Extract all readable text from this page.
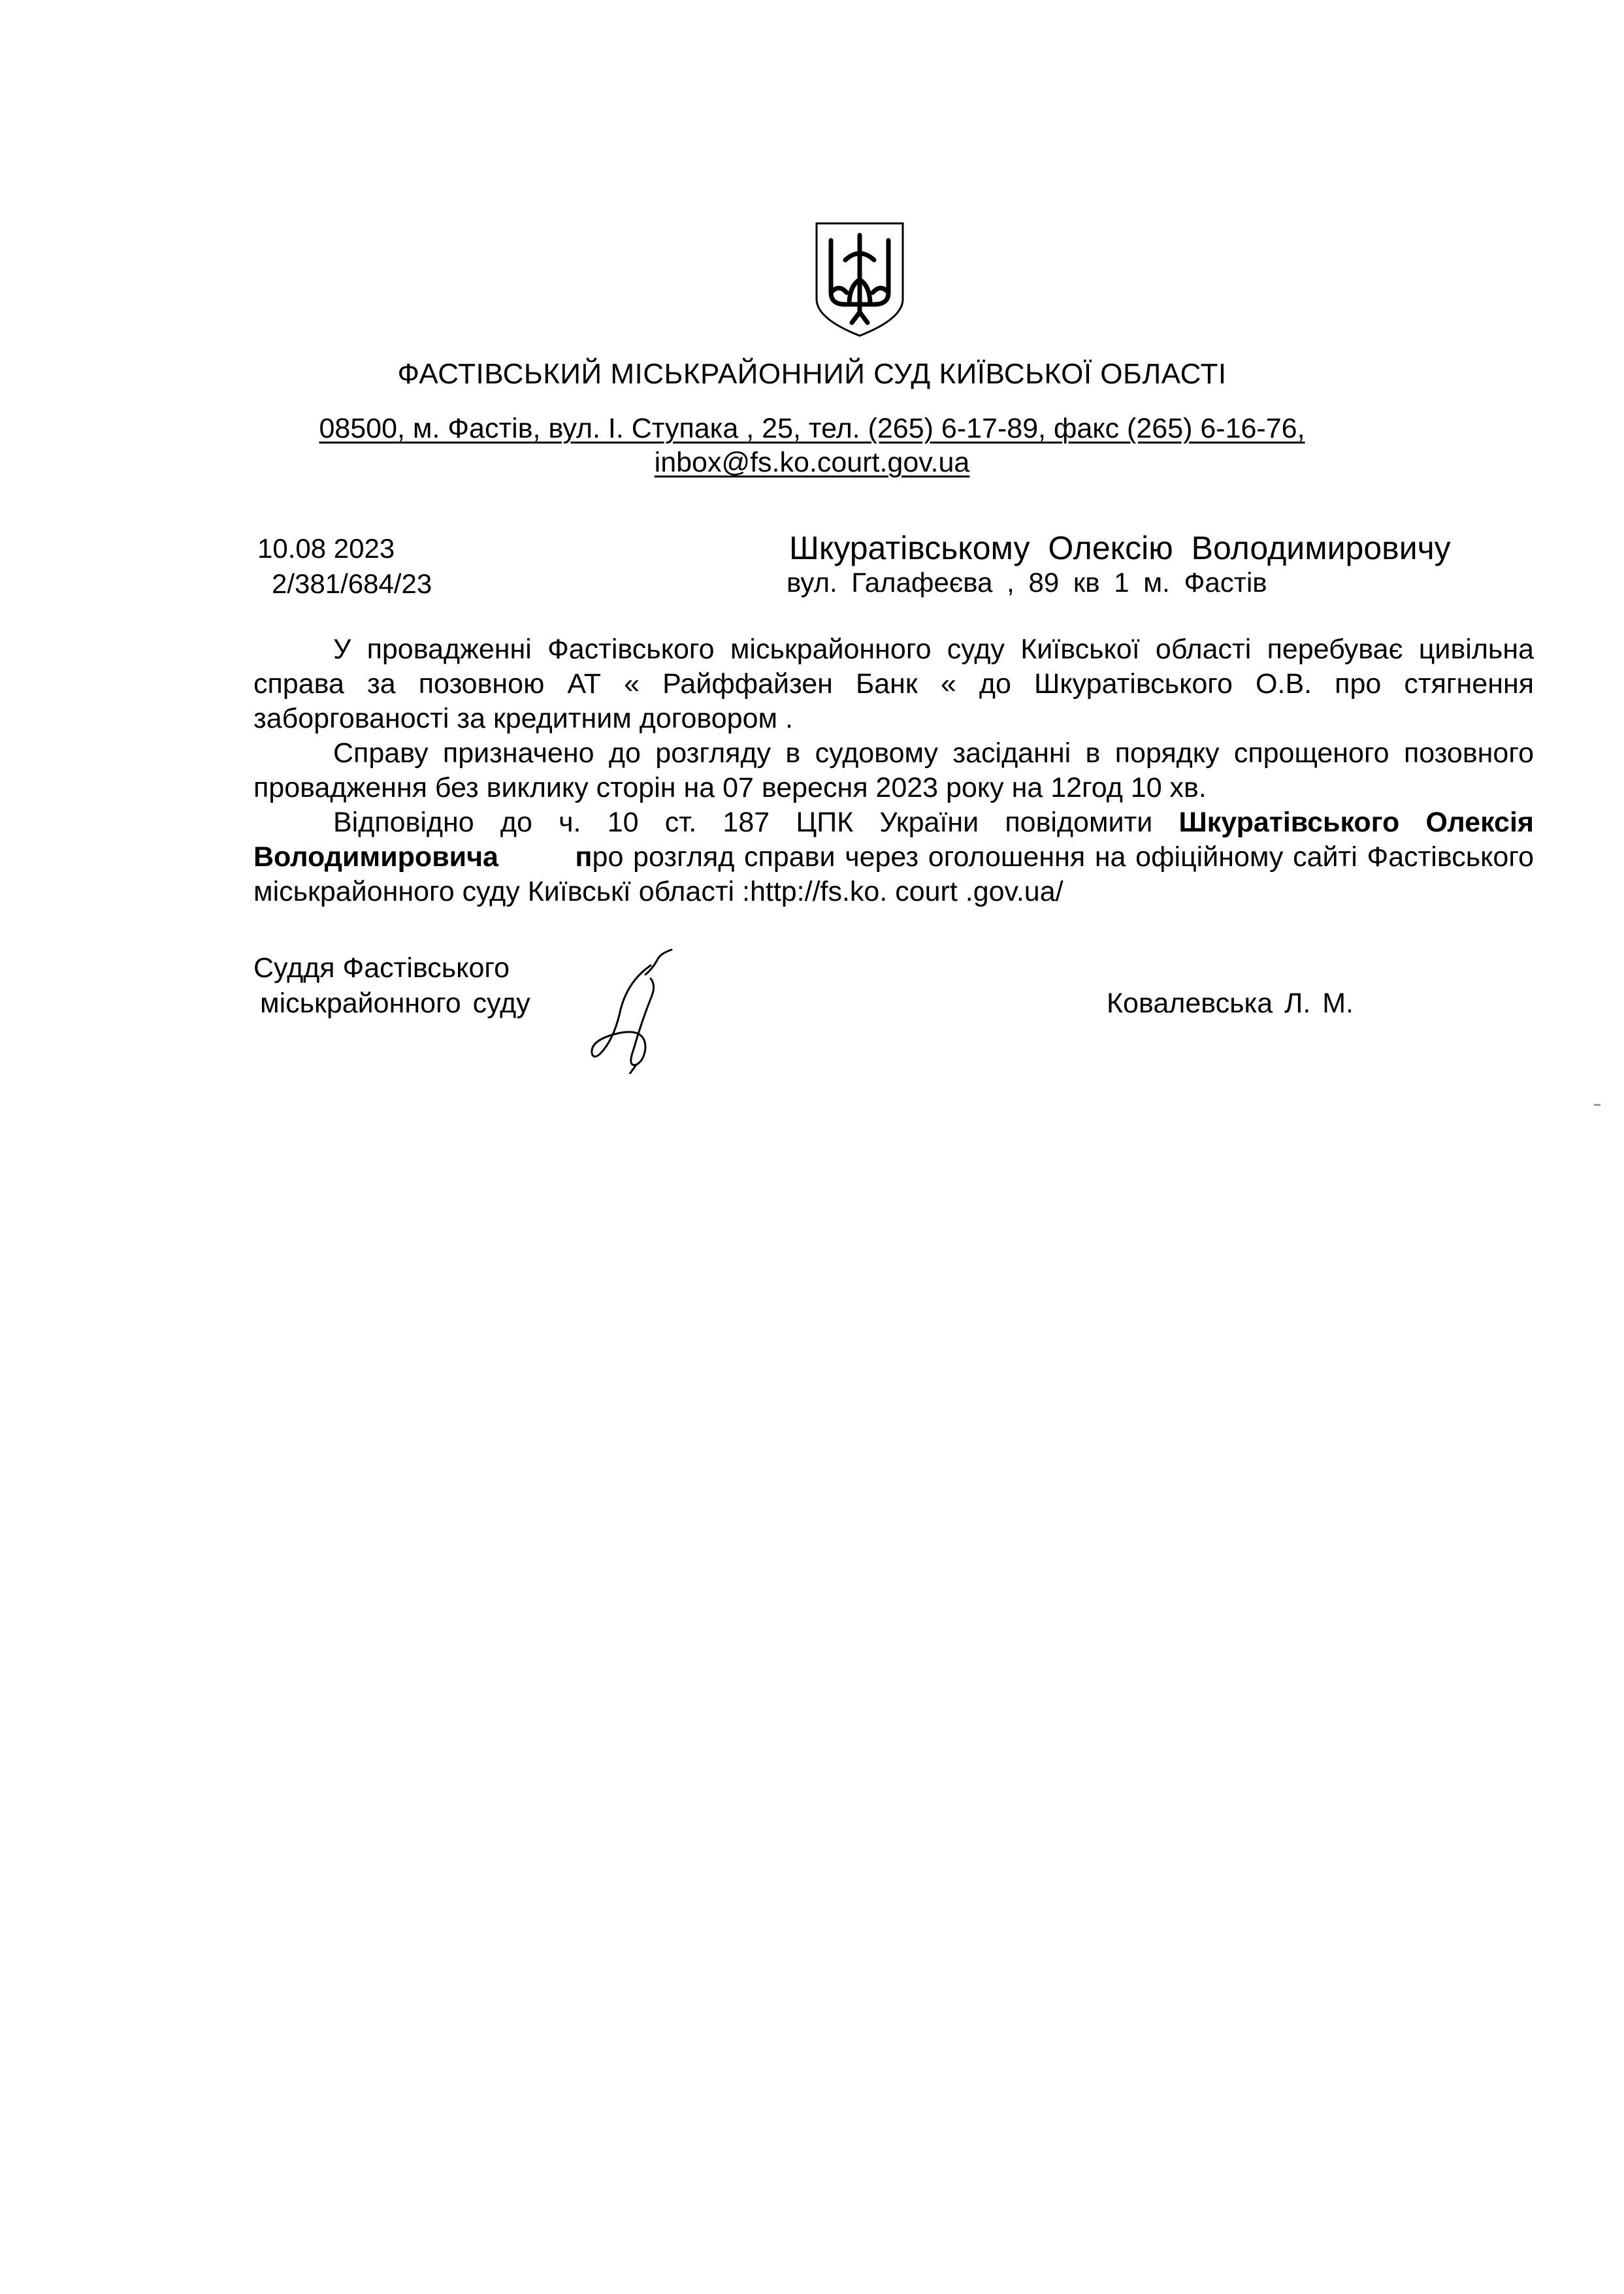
ФАСТІВСЬКИЙ МІСЬКРАЙОННИЙ СУД КИЇВСЬКОЇ ОБЛАСТІ
08500, м. Фастів, вул. І. Ступака , 25, тел. (265) 6-17-89, факс (265) 6-16-76,
inbox@fs.ko.court.gov.ua
10.08 2023
2/381/684/23
Шкуратівському Олексію Володимировичу
вул. Галафеєва , 89 кв 1 м. Фастів

У провадженні Фастівського міськрайонного суду Київської області перебуває цивільна справа за позовною АТ « Райффайзен Банк « до Шкуратівського О.В. про стягнення заборгованості за кредитним договором .

Справу призначено до розгляду в судовому засіданні в порядку спрощеного позовного провадження без виклику сторін на 07 вересня 2023 року на 12год 10 хв.

Відповідно до ч. 10 ст. 187 ЦПК України повідомити Шкуратівського Олексія Володимировича	про розгляд справи через оголошення на офіційному сайті Фастівського міськрайонного суду Київськї області :http://fs.ko. court .gov.ua/

Суддя Фастівського
міськрайонного суду	Ковалевська Л. М.
